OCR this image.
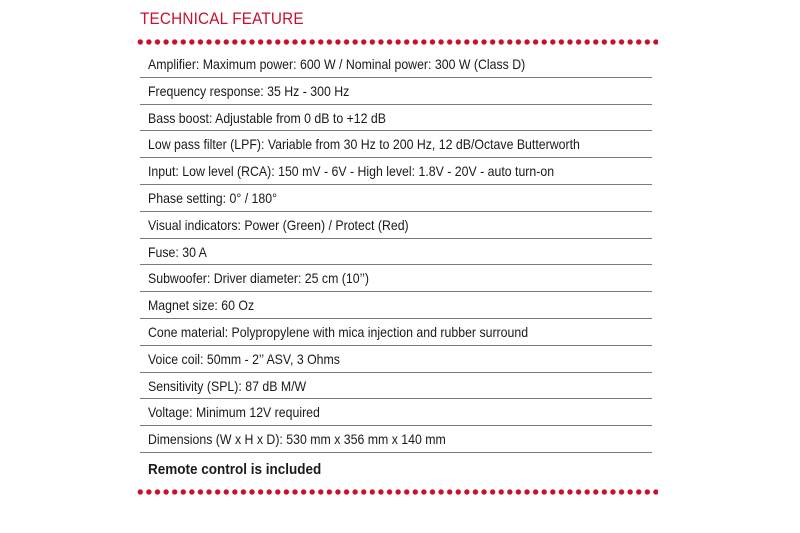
TECHNICAL FEATURE
Amplifier: Maximum power: 600 W / Nominal power: 300 W (Class D)
Frequency response: 35 Hz - 300 Hz
Bass boost: Adjustable from 0 dB to +12 dB
Low pass filter (LPF): Variable from 30 Hz to 200 Hz, 12 dB/Octave Butterworth
Input: Low level (RCA): 150 mV - 6V - High level: 1.8V - 20V - auto turn-on
Phase setting: 0° / 180°
Visual indicators: Power (Green) / Protect (Red)
Fuse: 30 A
Subwoofer: Driver diameter: 25 cm (10’’)
Magnet size: 60 Oz
Cone material: Polypropylene with mica injection and rubber surround
Voice coil: 50mm - 2’’ ASV, 3 Ohms
Sensitivity (SPL): 87 dB M/W
Voltage: Minimum 12V required
Dimensions (W x H x D): 530 mm x 356 mm x 140 mm
Remote control is included
